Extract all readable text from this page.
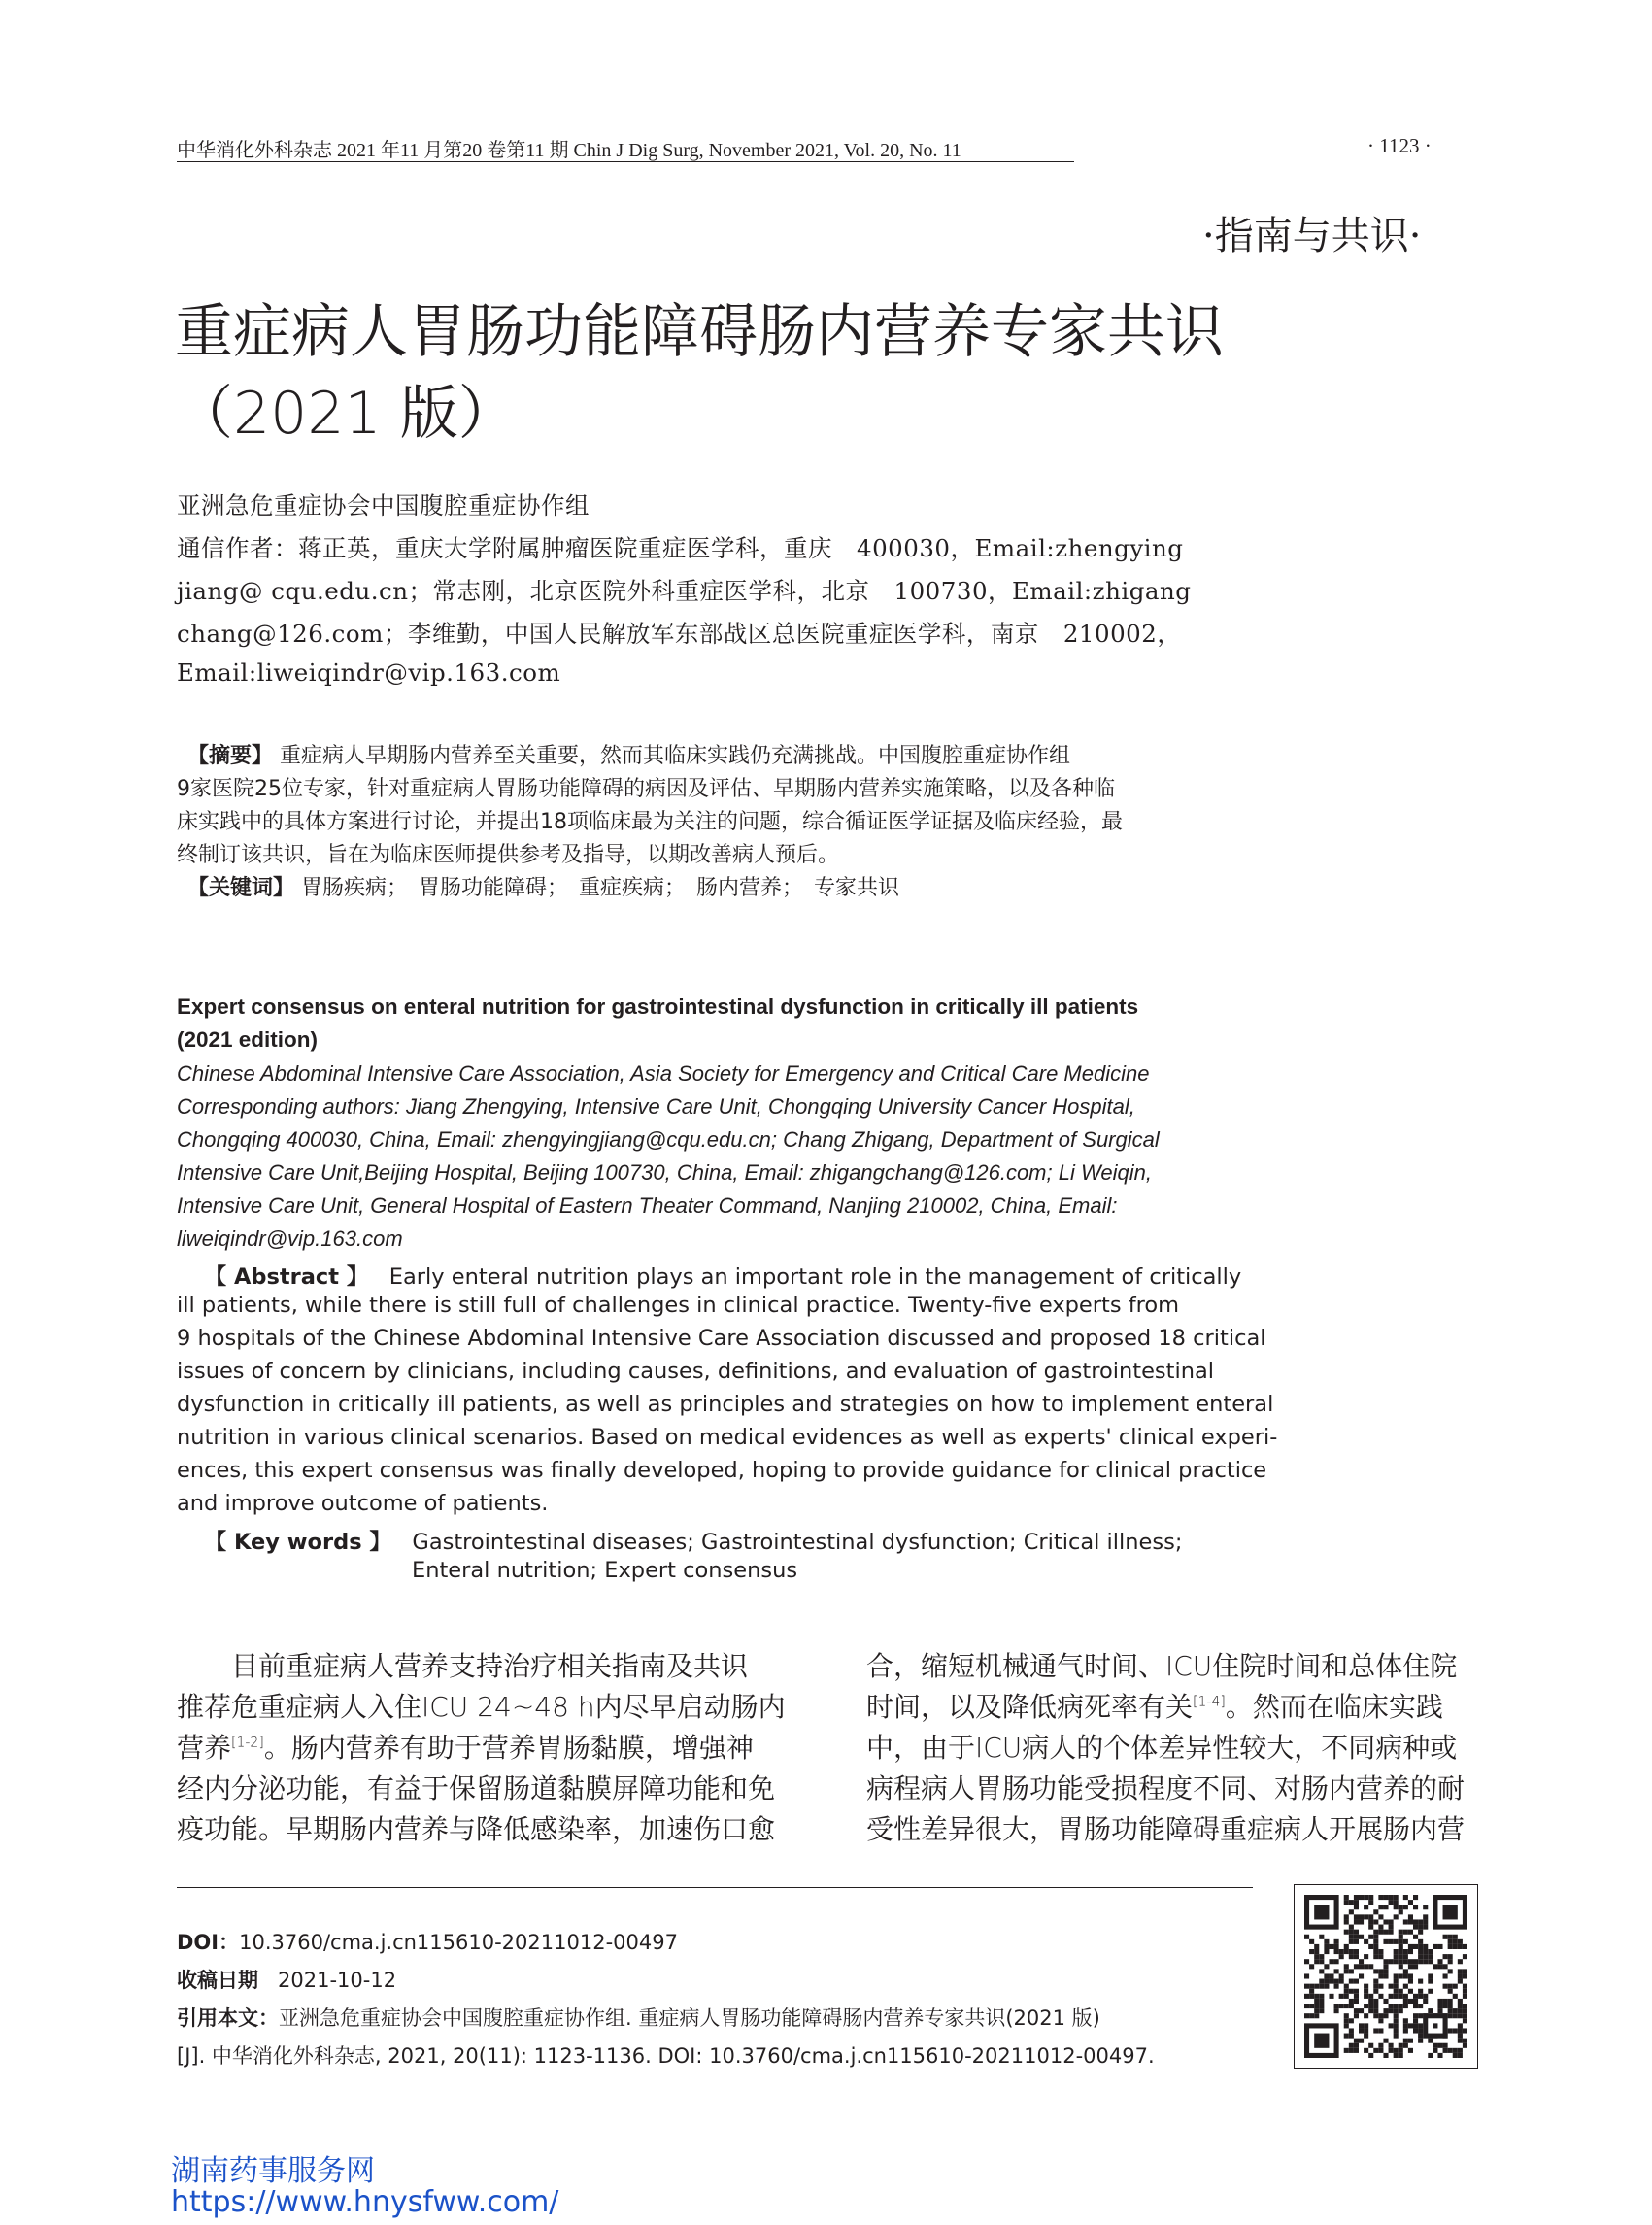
中华消化外科杂志 2021 年11 月第20 卷第11 期 Chin J Dig Surg, November 2021, Vol. 20, No. 11	· 1123 ·
·指南与共识·
重症病人胃肠功能障碍肠内营养专家共识
（2021 版）
亚洲急危重症协会中国腹腔重症协作组
通信作者：蒋正英，重庆大学附属肿瘤医院重症医学科，重庆　400030，Email:zhengying
jiang@ cqu.edu.cn；常志刚，北京医院外科重症医学科，北京　100730，Email:zhigang
chang@126.com；李维勤，中国人民解放军东部战区总医院重症医学科，南京　210002，
Email:liweiqindr@vip.163.com
　【摘要】 重症病人早期肠内营养至关重要，然而其临床实践仍充满挑战。中国腹腔重症协作组
9家医院25位专家，针对重症病人胃肠功能障碍的病因及评估、早期肠内营养实施策略，以及各种临
床实践中的具体方案进行讨论，并提出18项临床最为关注的问题，综合循证医学证据及临床经验，最
终制订该共识，旨在为临床医师提供参考及指导，以期改善病人预后。
　【关键词】 胃肠疾病；　胃肠功能障碍；　重症疾病；　肠内营养；　专家共识
Expert consensus on enteral nutrition for gastrointestinal dysfunction in critically ill patients
(2021 edition)
Chinese Abdominal Intensive Care Association, Asia Society for Emergency and Critical Care Medicine
Corresponding authors: Jiang Zhengying, Intensive Care Unit, Chongqing University Cancer Hospital,
Chongqing 400030, China, Email: zhengyingjiang@cqu.edu.cn; Chang Zhigang, Department of Surgical
Intensive Care Unit,Beijing Hospital, Beijing 100730, China, Email: zhigangchang@126.com; Li Weiqin,
Intensive Care Unit, General Hospital of Eastern Theater Command, Nanjing 210002, China, Email:
liweiqindr@vip.163.com
【 Abstract 】 Early enteral nutrition plays an important role in the management of critically
ill patients, while there is still full of challenges in clinical practice. Twenty-five experts from
9 hospitals of the Chinese Abdominal Intensive Care Association discussed and proposed 18 critical
issues of concern by clinicians, including causes, definitions, and evaluation of gastrointestinal
dysfunction in critically ill patients, as well as principles and strategies on how to implement enteral
nutrition in various clinical scenarios. Based on medical evidences as well as experts' clinical experi-
ences, this expert consensus was finally developed, hoping to provide guidance for clinical practice
and improve outcome of patients.
【 Key words 】 Gastrointestinal diseases; Gastrointestinal dysfunction; Critical illness;
Enteral nutrition; Expert consensus
　　目前重症病人营养支持治疗相关指南及共识
推荐危重症病人入住ICU 24~48 h内尽早启动肠内
营养[1-2]。肠内营养有助于营养胃肠黏膜，增强神
经内分泌功能，有益于保留肠道黏膜屏障功能和免
疫功能。早期肠内营养与降低感染率，加速伤口愈
合，缩短机械通气时间、ICU住院时间和总体住院
时间，以及降低病死率有关[1-4]。然而在临床实践
中，由于ICU病人的个体差异性较大，不同病种或
病程病人胃肠功能受损程度不同、对肠内营养的耐
受性差异很大，胃肠功能障碍重症病人开展肠内营
DOI：10.3760/cma.j.cn115610-20211012-00497
收稿日期 2021-10-12
引用本文：亚洲急危重症协会中国腹腔重症协作组. 重症病人胃肠功能障碍肠内营养专家共识(2021 版)
[J]. 中华消化外科杂志, 2021, 20(11): 1123-1136. DOI: 10.3760/cma.j.cn115610-20211012-00497.
湖南药事服务网
https://www.hnysfww.com/
